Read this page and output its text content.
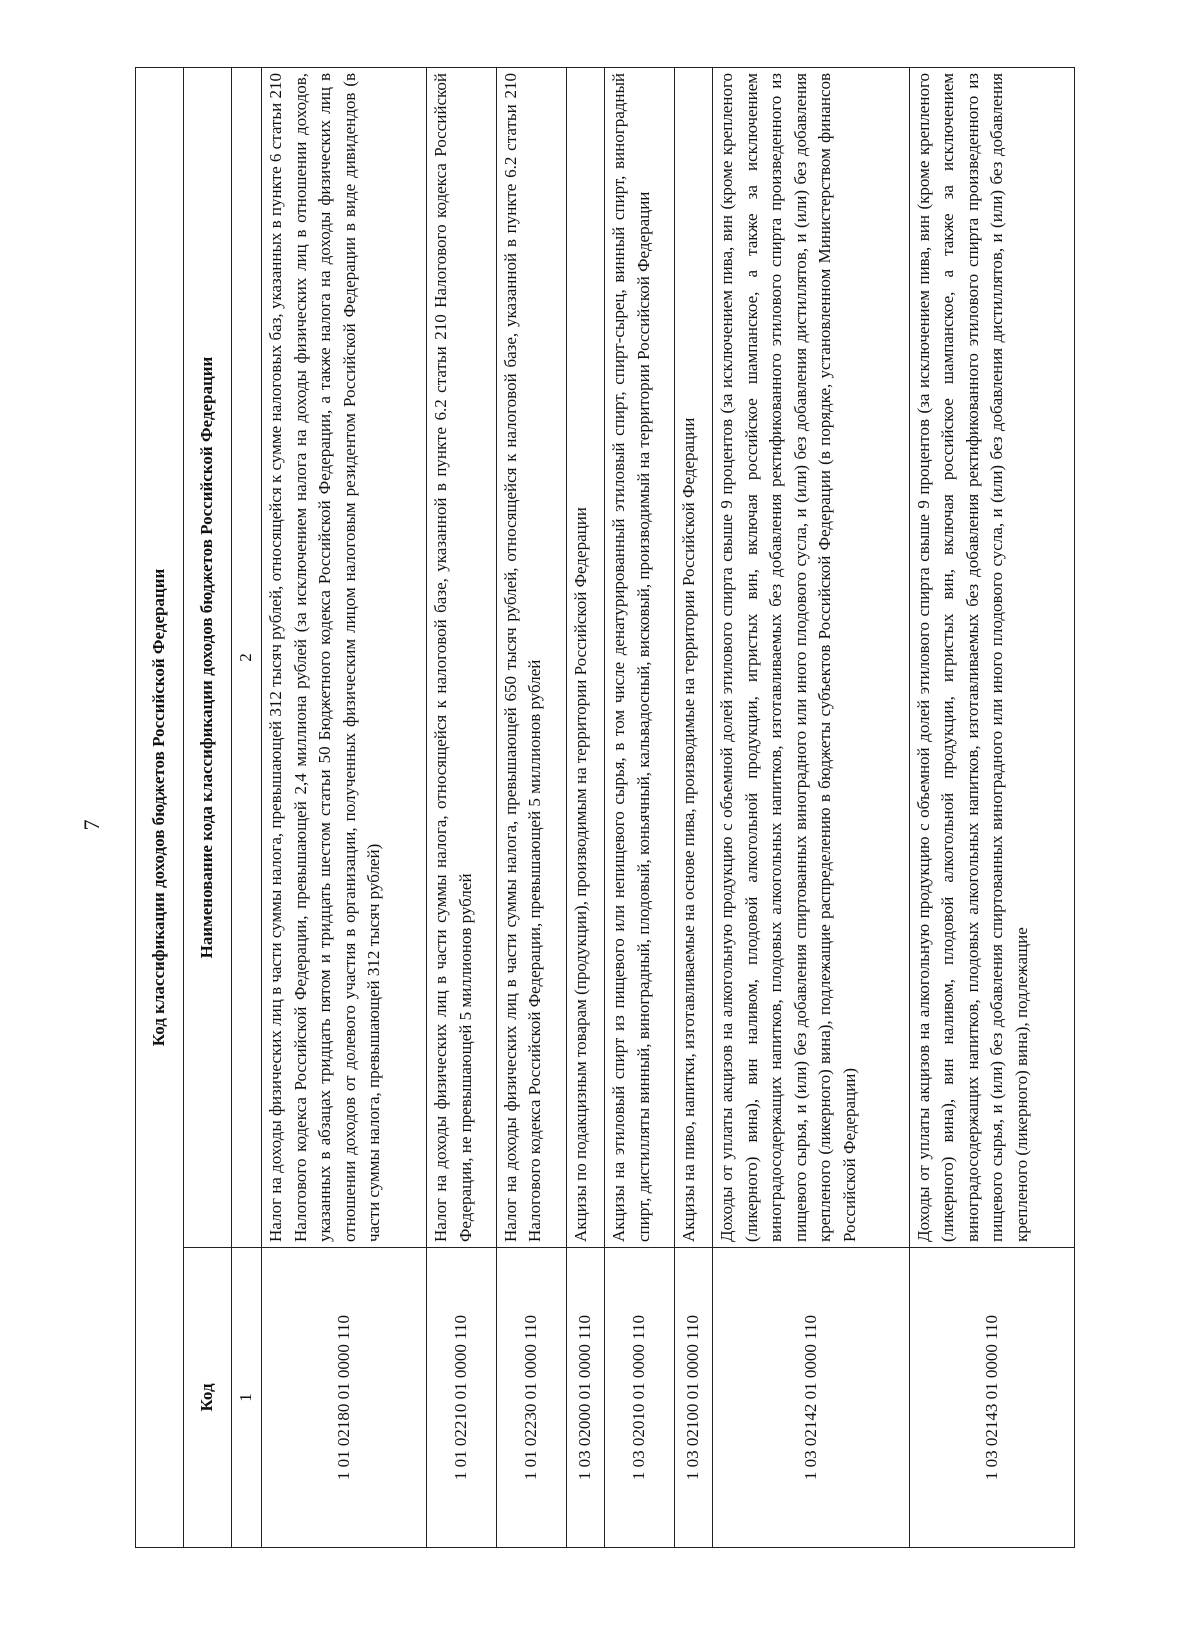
7	Код классификации доходов бюджетов Российской Федерации	
Код	Наименование кода классификации доходов бюджетов Российской Федерации
1	2
1 01 02180 01 0000 110	Налог на доходы физических лиц в части суммы налога, превышающей 312 тысяч рублей, относящейся к сумме налоговых баз, указанных в пункте 6 статьи 210 Налогового кодекса Российской Федерации, превышающей 2,4 миллиона рублей (за исключением налога на доходы физических лиц в отношении доходов, указанных в абзацах тридцать пятом и тридцать шестом статьи 50 Бюджетного кодекса Российской Федерации, а также налога на доходы физических лиц в отношении доходов от долевого участия в организации, полученных физическим лицом налоговым резидентом Российской Федерации в виде дивидендов (в части суммы налога, превышающей 312 тысяч рублей)
1 01 02210 01 0000 110	Налог на доходы физических лиц в части суммы налога, относящейся к налоговой базе, указанной в пункте 6.2 статьи 210 Налогового кодекса Российской Федерации, не превышающей 5 миллионов рублей
1 01 02230 01 0000 110	Налог на доходы физических лиц в части суммы налога, превышающей 650 тысяч рублей, относящейся к налоговой базе, указанной в пункте 6.2 статьи 210 Налогового кодекса Российской Федерации, превышающей 5 миллионов рублей
1 03 02000 01 0000 110	Акцизы по подакцизным товарам (продукции), производимым на территории Российской Федерации
1 03 02010 01 0000 110	Акцизы на этиловый спирт из пищевого или непищевого сырья, в том числе денатурированный этиловый спирт, спирт-сырец, винный спирт, виноградный спирт, дистилляты винный, виноградный, плодовый, коньячный, кальвадосный, висковый, производимый на территории Российской Федерации
1 03 02100 01 0000 110	Акцизы на пиво, напитки, изготавливаемые на основе пива, производимые на территории Российской Федерации
1 03 02142 01 0000 110	Доходы от уплаты акцизов на алкогольную продукцию с объемной долей этилового спирта свыше 9 процентов (за исключением пива, вин (кроме крепленого (ликерного) вина), вин наливом, плодовой алкогольной продукции, игристых вин, включая российское шампанское, а также за исключением виноградосодержащих напитков, плодовых алкогольных напитков, изготавливаемых без добавления ректификованного этилового спирта произведенного из пищевого сырья, и (или) без добавления спиртованных виноградного или иного плодового сусла, и (или) без добавления дистиллятов, и (или) без добавления крепленого (ликерного) вина), подлежащие распределению в бюджеты субъектов Российской Федерации (в порядке, установленном Министерством финансов Российской Федерации)
1 03 02143 01 0000 110	Доходы от уплаты акцизов на алкогольную продукцию с объемной долей этилового спирта свыше 9 процентов (за исключением пива, вин (кроме крепленого (ликерного) вина), вин наливом, плодовой алкогольной продукции, игристых вин, включая российское шампанское, а также за исключением виноградосодержащих напитков, плодовых алкогольных напитков, изготавливаемых без добавления ректификованного этилового спирта произведенного из пищевого сырья, и (или) без добавления спиртованных виноградного или иного плодового сусла, и (или) без добавления дистиллятов, и (или) без добавления крепленого (ликерного) вина), подлежащие
